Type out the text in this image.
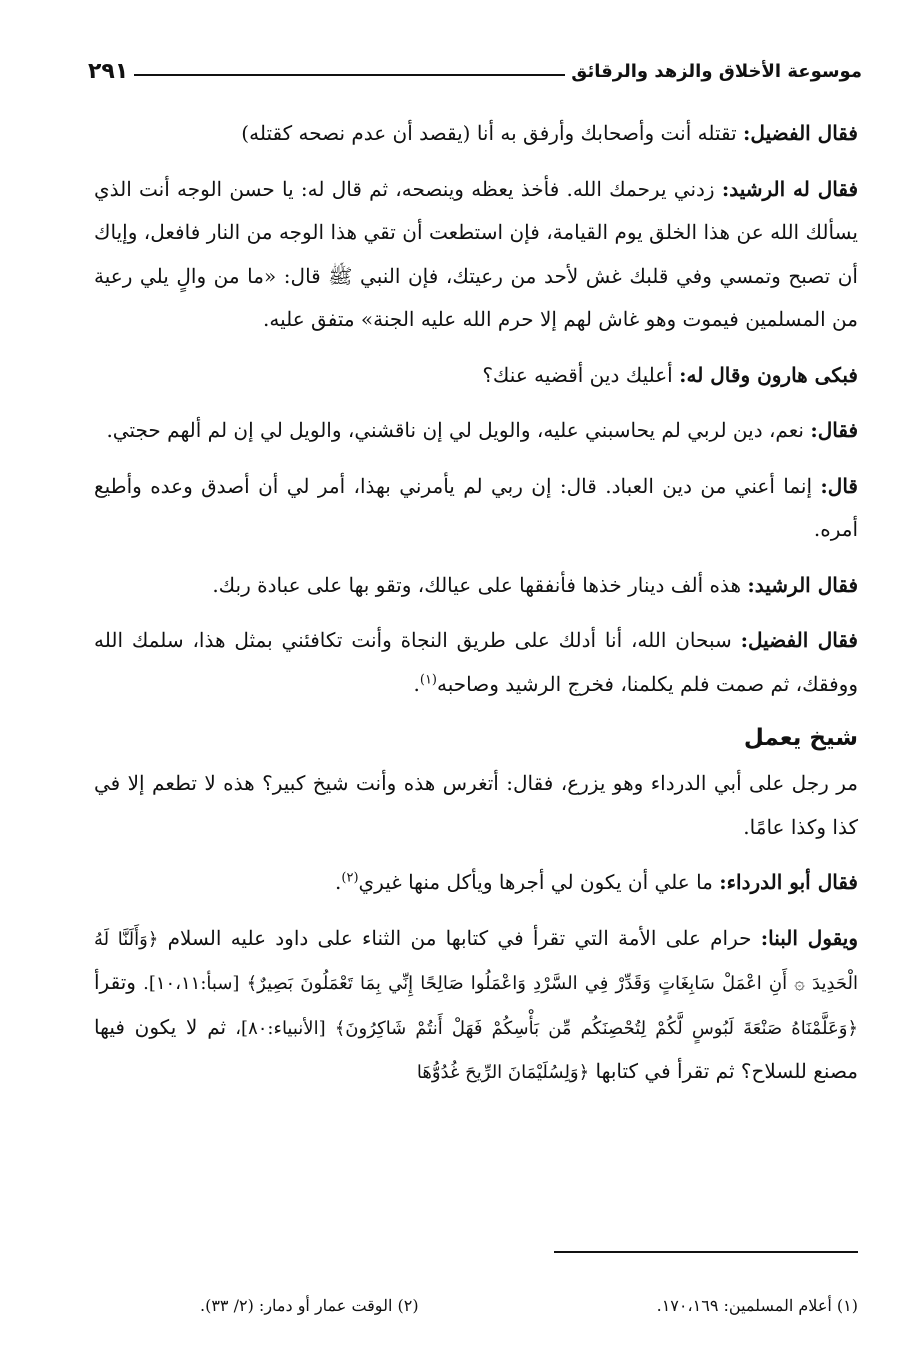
موسوعة الأخلاق والزهد والرقائق
٢٩١

فقال الفضيل: تقتله أنت وأصحابك وأرفق به أنا (يقصد أن عدم نصحه كقتله)

فقال له الرشيد: زدني يرحمك الله. فأخذ يعظه وينصحه، ثم قال له: يا حسن الوجه أنت الذي يسألك الله عن هذا الخلق يوم القيامة، فإن استطعت أن تقي هذا الوجه من النار فافعل، وإياك أن تصبح وتمسي وفي قلبك غش لأحد من رعيتك، فإن النبي ﷺ قال: «ما من والٍ يلي رعية من المسلمين فيموت وهو غاش لهم إلا حرم الله عليه الجنة» متفق عليه.

فبكى هارون وقال له: أعليك دين أقضيه عنك؟

فقال: نعم، دين لربي لم يحاسبني عليه، والويل لي إن ناقشني، والويل لي إن لم ألهم حجتي.

قال: إنما أعني من دين العباد. قال: إن ربي لم يأمرني بهذا، أمر لي أن أصدق وعده وأطيع أمره.

فقال الرشيد: هذه ألف دينار خذها فأنفقها على عيالك، وتقو بها على عبادة ربك.

فقال الفضيل: سبحان الله، أنا أدلك على طريق النجاة وأنت تكافئني بمثل هذا، سلمك الله ووفقك، ثم صمت فلم يكلمنا، فخرج الرشيد وصاحبه$^{(١)}$.

شيخ يعمل

مر رجل على أبي الدرداء وهو يزرع، فقال: أتغرس هذه وأنت شيخ كبير؟ هذه لا تطعم إلا في كذا وكذا عامًا.

فقال أبو الدرداء: ما علي أن يكون لي أجرها ويأكل منها غيري$^{(٢)}$.

ويقول البنا: حرام على الأمة التي تقرأ في كتابها من الثناء على داود عليه السلام ﴿وَأَلَنَّا لَهُ الْحَدِيدَ ۞ أَنِ اعْمَلْ سَابِغَاتٍ وَقَدِّرْ فِي السَّرْدِ وَاعْمَلُوا صَالِحًا إِنِّي بِمَا تَعْمَلُونَ بَصِيرٌ﴾ [سبأ:١٠،١١]. وتقرأ ﴿وَعَلَّمْنَاهُ صَنْعَةَ لَبُوسٍ لَّكُمْ لِتُحْصِنَكُم مِّن بَأْسِكُمْ فَهَلْ أَنتُمْ شَاكِرُونَ﴾ [الأنبياء:٨٠]، ثم لا يكون فيها مصنع للسلاح؟ ثم تقرأ في كتابها ﴿وَلِسُلَيْمَانَ الرِّيحَ غُدُوُّهَا

(١) أعلام المسلمين: ١٧٠،١٦٩.
(٢) الوقت عمار أو دمار: (٢/ ٣٣).
